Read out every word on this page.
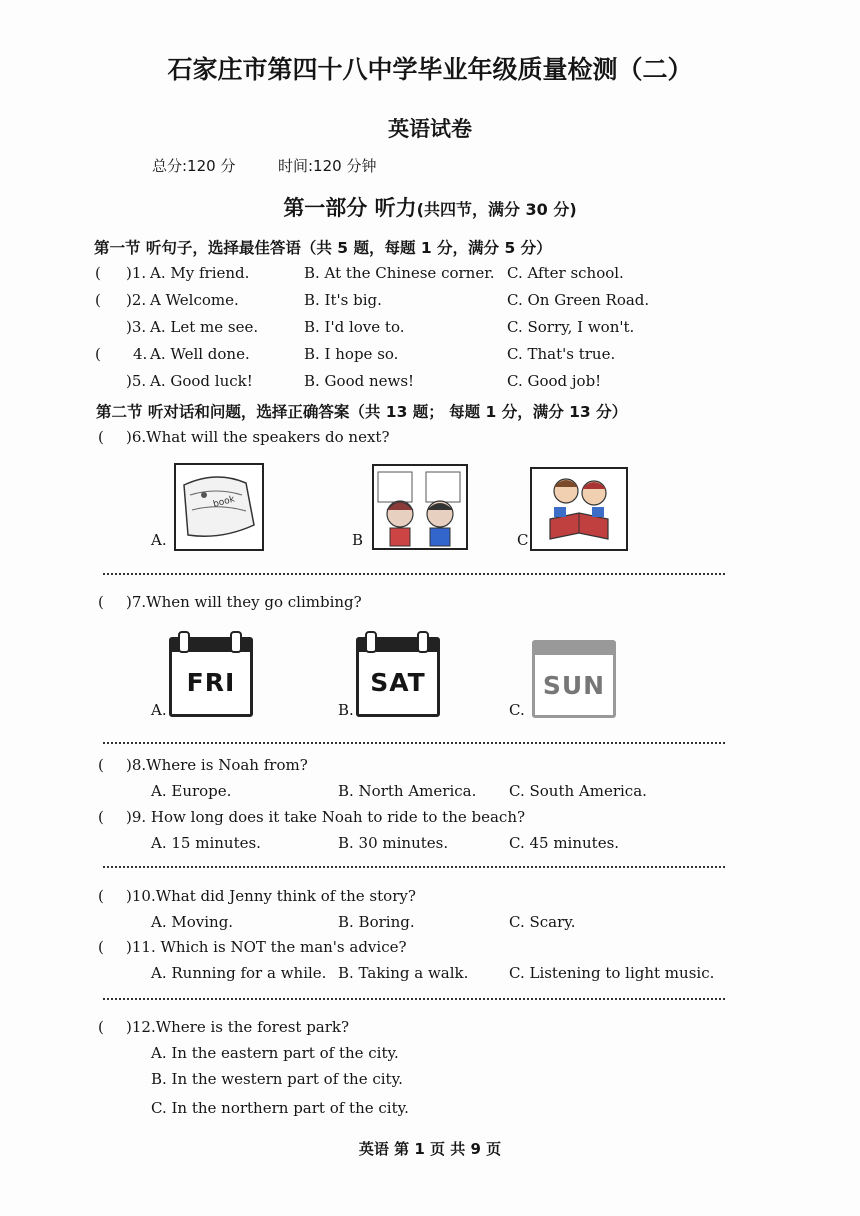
石家庄市第四十八中学毕业年级质量检测（二）
英语试卷
总分:120 分	时间:120 分钟
第一部分 听力(共四节，满分 30 分)
第一节 听句子，选择最佳答语（共 5 题，每题 1 分，满分 5 分）
( )1. A. My friend.	B. At the Chinese corner. C. After school.
( )2. A Welcome.	B. It's big.	C. On Green Road.
)3. A. Let me see.	B. I'd love to.	C. Sorry, I won't.
( 4. A. Well done.	B. I hope so.	C. That's true.
)5. A. Good luck!	B. Good news!	C. Good job!
第二节 听对话和问题，选择正确答案（共 13 题； 每题 1 分，满分 13 分）
( )6.What will the speakers do next?
A.
book
B	C
( )7.When will they go climbing?
A.
FRI
B.
SAT
C.
SUN
( )8.Where is Noah from?
A. Europe.	B. North America. C. South America.
( )9. How long does it take Noah to ride to the beach?
A. 15 minutes.	B. 30 minutes.	C. 45 minutes.
( )10.What did Jenny think of the story?
A. Moving.	B. Boring.	C. Scary.
( )11. Which is NOT the man's advice?
A. Running for a while. B. Taking a walk.	C. Listening to light music.
( )12.Where is the forest park?
A. In the eastern part of the city.
B. In the western part of the city.
C. In the northern part of the city.
英语 第 1 页 共 9 页
